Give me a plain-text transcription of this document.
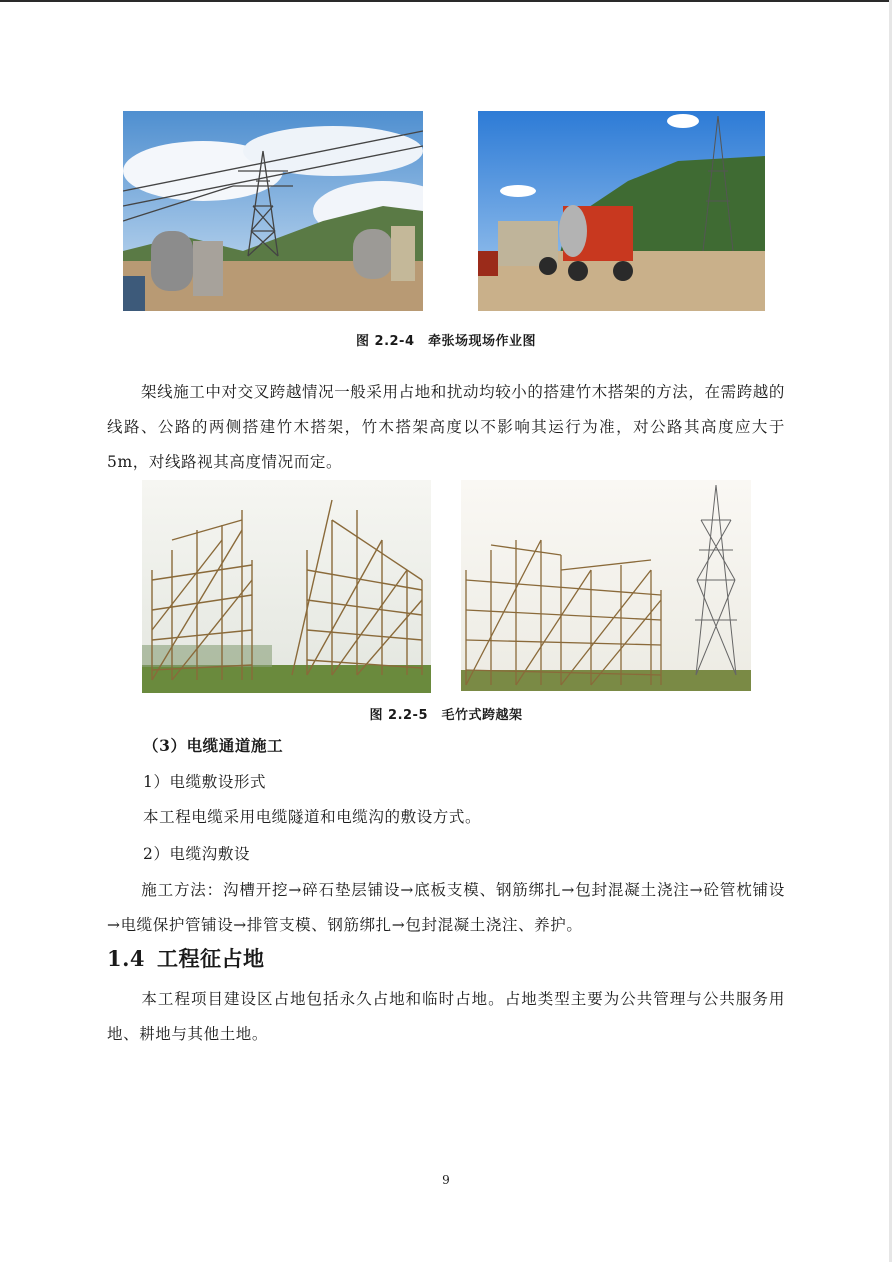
图 2.2-4　牵张场现场作业图
架线施工中对交叉跨越情况一般采用占地和扰动均较小的搭建竹木搭架的方法，在需跨越的线路、公路的两侧搭建竹木搭架，竹木搭架高度以不影响其运行为准，对公路其高度应大于 5m，对线路视其高度情况而定。
图 2.2-5　毛竹式跨越架
（3）电缆通道施工
1）电缆敷设形式
本工程电缆采用电缆隧道和电缆沟的敷设方式。
2）电缆沟敷设
施工方法：沟槽开挖→碎石垫层铺设→底板支模、钢筋绑扎→包封混凝土浇注→砼管枕铺设→电缆保护管铺设→排管支模、钢筋绑扎→包封混凝土浇注、养护。
1.4 工程征占地
本工程项目建设区占地包括永久占地和临时占地。占地类型主要为公共管理与公共服务用地、耕地与其他土地。
9
